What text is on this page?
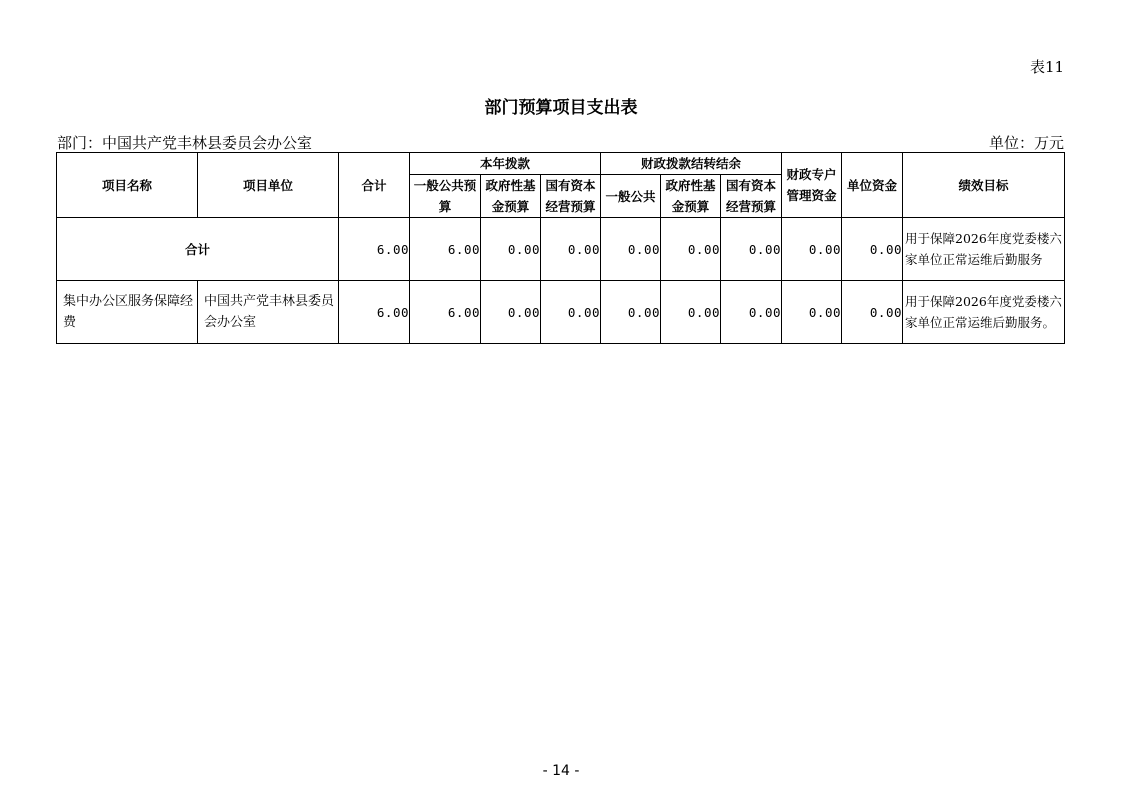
表11
部门预算项目支出表
部门：中国共产党丰林县委员会办公室	单位：万元
项目名称	项目单位	合计	本年拨款			财政拨款结转结余			财政专户管理资金	单位资金	绩效目标
			一般公共预算	政府性基金预算	国有资本经营预算	一般公共	政府性基金预算	国有资本经营预算			
合计		6.00	6.00	0.00	0.00	0.00	0.00	0.00	0.00	0.00	用于保障2026年度党委楼六家单位正常运维后勤服务
集中办公区服务保障经费	中国共产党丰林县委员会办公室	6.00	6.00	0.00	0.00	0.00	0.00	0.00	0.00	0.00	用于保障2026年度党委楼六家单位正常运维后勤服务。
- 14 -
